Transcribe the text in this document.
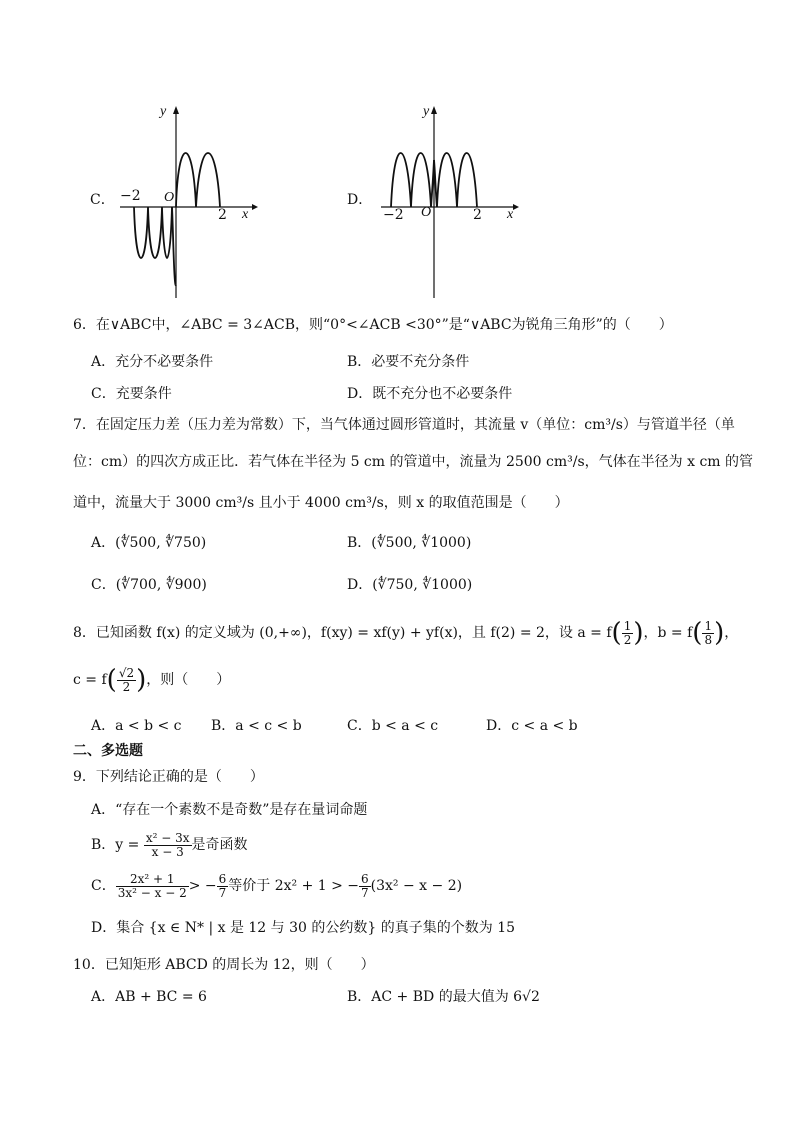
C．
y
x
O
−2
2
D．
y
x
O
−2	2
6．在∨ABC中，∠ABC = 3∠ACB，则“0°<∠ACB <30°”是“∨ABC为锐角三角形”的（　　）
A．充分不必要条件	B．必要不充分条件
C．充要条件	D．既不充分也不必要条件
7．在固定压力差（压力差为常数）下，当气体通过圆形管道时，其流量 v（单位：cm³/s）与管道半径（单
位：cm）的四次方成正比．若气体在半径为 5 cm 的管道中，流量为 2500 cm³/s，气体在半径为 x cm 的管
道中，流量大于 3000 cm³/s 且小于 4000 cm³/s，则 x 的取值范围是（　　）
A．(∜500, ∜750)	B．(∜500, ∜1000)
C．(∜700, ∜900)	D．(∜750, ∜1000)
8．已知函数 f(x) 的定义域为 (0,+∞)，f(xy) = xf(y) + yf(x)，且 f(2) = 2，设 $a = f( \frac{1}{2}$ )，$b = f( \frac{1}{8}$ )，
$c = f( \frac{√2}{2}$ )，则（　　）
A．a < b < c B．a < c < b	C．b < a < c	D．c < a < b
二、多选题
9．下列结论正确的是（　　）
A．“存在一个素数不是奇数”是存在量词命题
B．$y = \frac{\text{x² − 3x}}{x - 3}$ 是奇函数
C． $\frac{\text{2x² + 1}}{\text{3x² − x − 2}}$ > − $\frac{6}{7}$ 等价于 2x² + 1 > − $\frac{6}{7} (3x^2 - x - 2)$
D．集合 {x ∈ N* | x 是 12 与 30 的公约数} 的真子集的个数为 15
10．已知矩形 ABCD 的周长为 12，则（　　）
A．AB + BC = 6	B．AC + BD 的最大值为 6√2
